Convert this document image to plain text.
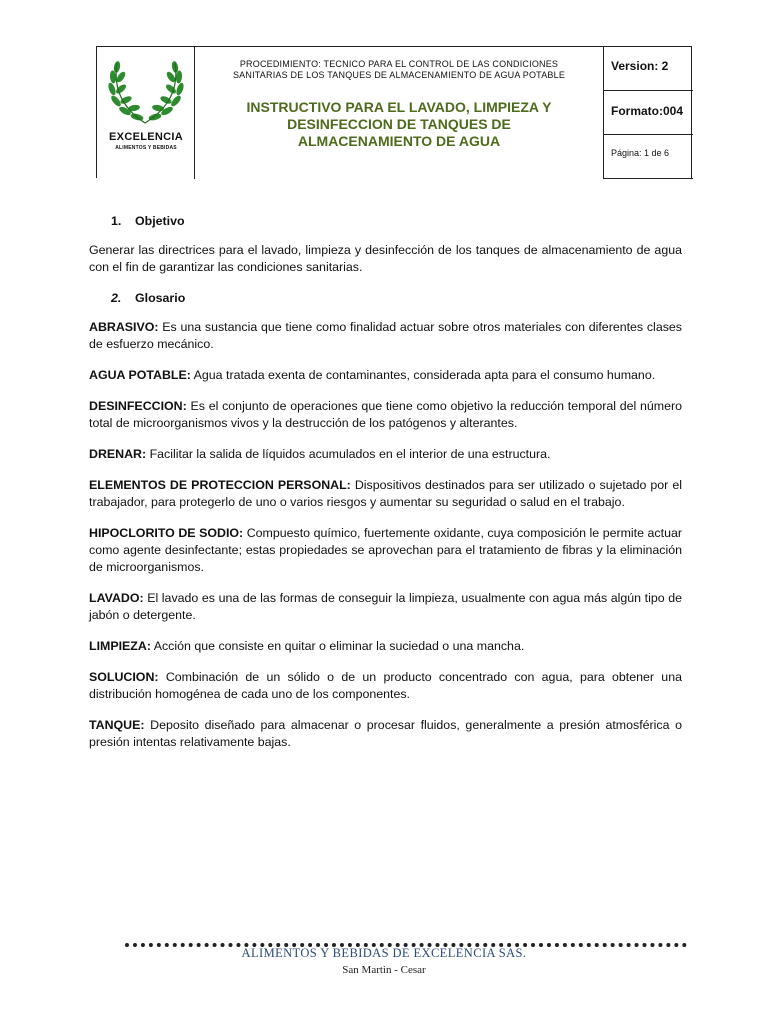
EXCELENCIA
ALIMENTOS Y BEBIDAS
PROCEDIMIENTO: TECNICO PARA EL CONTROL DE LAS CONDICIONES
SANITARIAS DE LOS TANQUES DE ALMACENAMIENTO DE AGUA POTABLE
INSTRUCTIVO PARA EL LAVADO, LIMPIEZA Y
DESINFECCION DE TANQUES DE
ALMACENAMIENTO DE AGUA
Version: 2
Formato:004
Página: 1 de 6
1. Objetivo
Generar las directrices para el lavado, limpieza y desinfección de los tanques de almacenamiento de agua con el fin de garantizar las condiciones sanitarias.
2. Glosario
ABRASIVO: Es una sustancia que tiene como finalidad actuar sobre otros materiales con diferentes clases de esfuerzo mecánico.
AGUA POTABLE: Agua tratada exenta de contaminantes, considerada apta para el consumo humano.
DESINFECCION: Es el conjunto de operaciones que tiene como objetivo la reducción temporal del número total de microorganismos vivos y la destrucción de los patógenos y alterantes.
DRENAR: Facilitar la salida de líquidos acumulados en el interior de una estructura.
ELEMENTOS DE PROTECCION PERSONAL: Dispositivos destinados para ser utilizado o sujetado por el trabajador, para protegerlo de uno o varios riesgos y aumentar su seguridad o salud en el trabajo.
HIPOCLORITO DE SODIO: Compuesto químico, fuertemente oxidante, cuya composición le permite actuar como agente desinfectante; estas propiedades se aprovechan para el tratamiento de fibras y la eliminación de microorganismos.
LAVADO: El lavado es una de las formas de conseguir la limpieza, usualmente con agua más algún tipo de jabón o detergente.
LIMPIEZA: Acción que consiste en quitar o eliminar la suciedad o una mancha.
SOLUCION: Combinación de un sólido o de un producto concentrado con agua, para obtener una distribución homogénea de cada uno de los componentes.
TANQUE: Deposito diseñado para almacenar o procesar fluidos, generalmente a presión atmosférica o presión intentas relativamente bajas.
ALIMENTOS Y BEBIDAS DE EXCELENCIA SAS.
San Martin - Cesar
